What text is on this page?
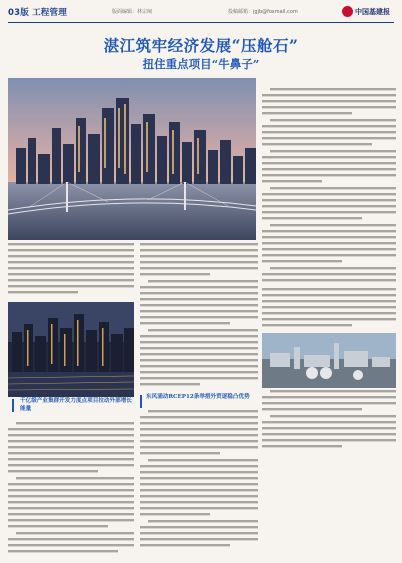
03版 工程管理	版面编辑：林宗闽	投稿邮箱：jgjb@foxmail.com	中国基建报
湛江筑牢经济发展“压舱石”
扭住重点项目“牛鼻子”
千亿级产业集群开发力度点项目拉动外部增长能量
东风涌动RCEP12条举措外贸逐稳凸优势
